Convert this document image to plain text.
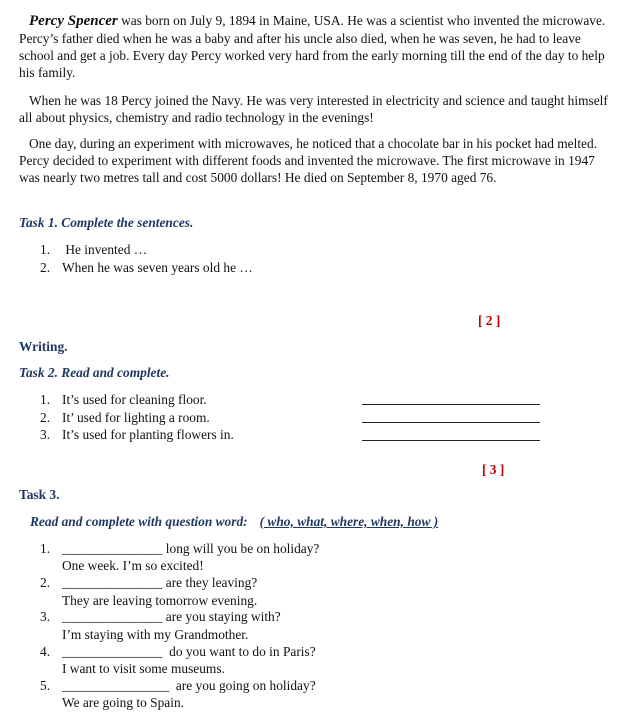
Percy Spencer was born on July 9, 1894 in Maine, USA. He was a scientist who invented the microwave. Percy’s father died when he was a baby and after his uncle also died, when he was seven, he had to leave school and get a job. Every day Percy worked very hard from the early morning till the end of the day to help his family.

When he was 18 Percy joined the Navy. He was very interested in electricity and science and taught himself all about physics, chemistry and radio technology in the evenings!

One day, during an experiment with microwaves, he noticed that a chocolate bar in his pocket had melted. Percy decided to experiment with different foods and invented the microwave. The first microwave in 1947 was nearly two metres tall and cost 5000 dollars! He died on September 8, 1970 aged 76.

Task 1. Complete the sentences.
1. He invented …
2. When he was seven years old he …
[ 2 ]
Writing.
Task 2. Read and complete.
1. It’s used for cleaning floor.
2. It’ used for lighting a room.
3. It’s used for planting flowers in.
[ 3 ]
Task 3.
Read and complete with question word: ( who, what, where, when, how )
1. _______________ long will you be on holiday?
One week. I’m so excited!
2. _______________ are they leaving?
They are leaving tomorrow evening.
3. _______________ are you staying with?
I’m staying with my Grandmother.
4. _______________  do you want to do in Paris?
I want to visit some museums.
5. ________________  are you going on holiday?
We are going to Spain.
